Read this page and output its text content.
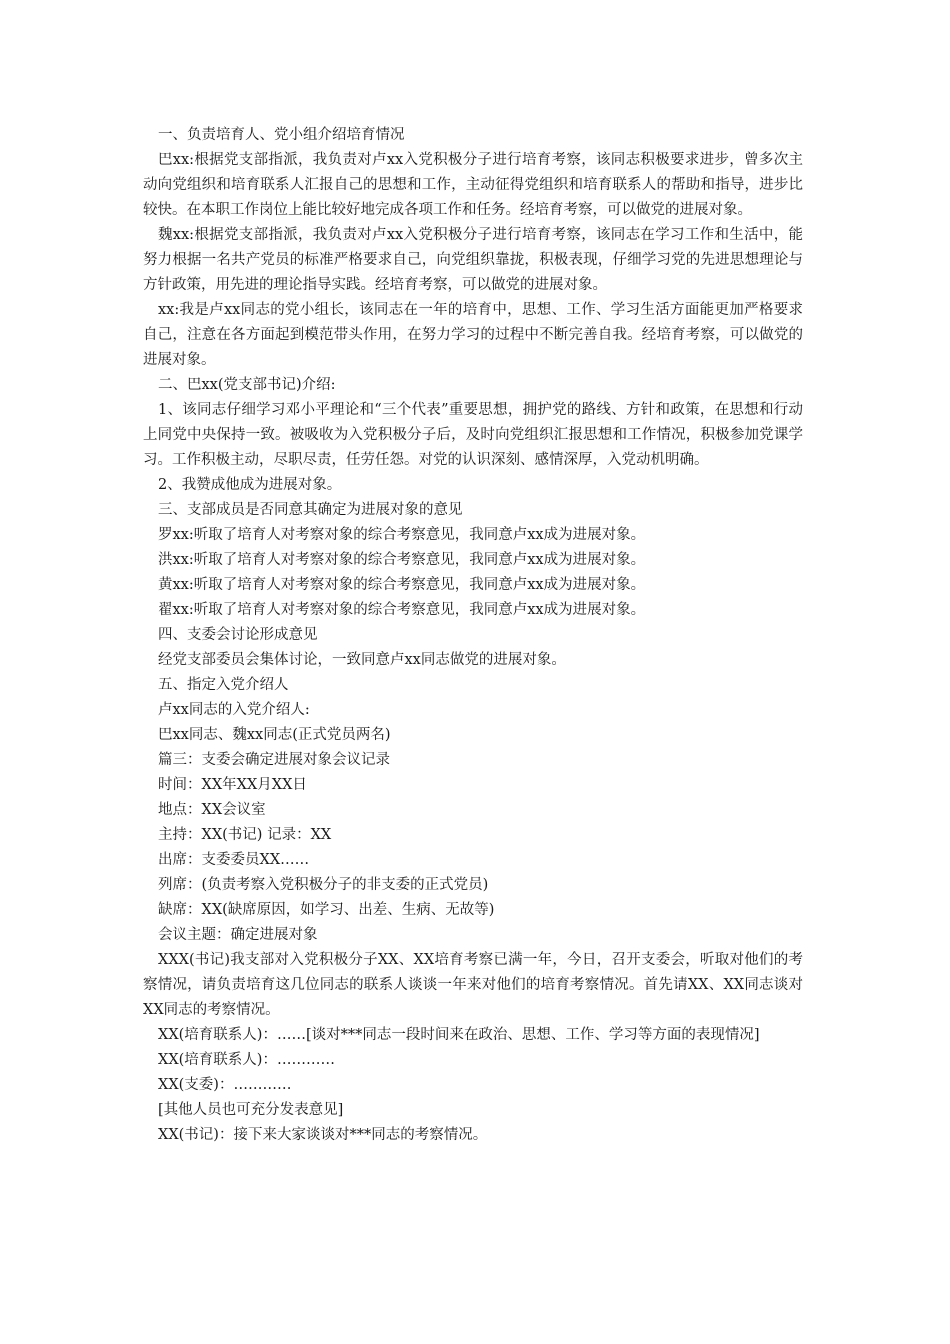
一、负责培育人、党小组介绍培育情况

巴xx:根据党支部指派，我负责对卢xx入党积极分子进行培育考察，该同志积极要求进步，曾多次主动向党组织和培育联系人汇报自己的思想和工作，主动征得党组织和培育联系人的帮助和指导，进步比较快。在本职工作岗位上能比较好地完成各项工作和任务。经培育考察，可以做党的进展对象。

魏xx:根据党支部指派，我负责对卢xx入党积极分子进行培育考察，该同志在学习工作和生活中，能努力根据一名共产党员的标准严格要求自己，向党组织靠拢，积极表现，仔细学习党的先进思想理论与方针政策，用先进的理论指导实践。经培育考察，可以做党的进展对象。

xx:我是卢xx同志的党小组长，该同志在一年的培育中，思想、工作、学习生活方面能更加严格要求自己，注意在各方面起到模范带头作用，在努力学习的过程中不断完善自我。经培育考察，可以做党的进展对象。

二、巴xx(党支部书记)介绍:

1、该同志仔细学习邓小平理论和“三个代表”重要思想，拥护党的路线、方针和政策，在思想和行动上同党中央保持一致。被吸收为入党积极分子后，及时向党组织汇报思想和工作情况，积极参加党课学习。工作积极主动，尽职尽责，任劳任怨。对党的认识深刻、感情深厚，入党动机明确。

2、我赞成他成为进展对象。

三、支部成员是否同意其确定为进展对象的意见

罗xx:听取了培育人对考察对象的综合考察意见，我同意卢xx成为进展对象。

洪xx:听取了培育人对考察对象的综合考察意见，我同意卢xx成为进展对象。

黄xx:听取了培育人对考察对象的综合考察意见，我同意卢xx成为进展对象。

翟xx:听取了培育人对考察对象的综合考察意见，我同意卢xx成为进展对象。

四、支委会讨论形成意见

经党支部委员会集体讨论，一致同意卢xx同志做党的进展对象。

五、指定入党介绍人

卢xx同志的入党介绍人:

巴xx同志、魏xx同志(正式党员两名)

篇三：支委会确定进展对象会议记录

时间：XX年XX月XX日

地点：XX会议室

主持：XX(书记) 记录：XX

出席：支委委员XX……

列席：(负责考察入党积极分子的非支委的正式党员)

缺席：XX(缺席原因，如学习、出差、生病、无故等)

会议主题：确定进展对象

XXX(书记)我支部对入党积极分子XX、XX培育考察已满一年，今日，召开支委会，听取对他们的考察情况，请负责培育这几位同志的联系人谈谈一年来对他们的培育考察情况。首先请XX、XX同志谈对XX同志的考察情况。

XX(培育联系人)：……[谈对***同志一段时间来在政治、思想、工作、学习等方面的表现情况]

XX(培育联系人)：…………

XX(支委)：…………

[其他人员也可充分发表意见]

XX(书记)：接下来大家谈谈对***同志的考察情况。
